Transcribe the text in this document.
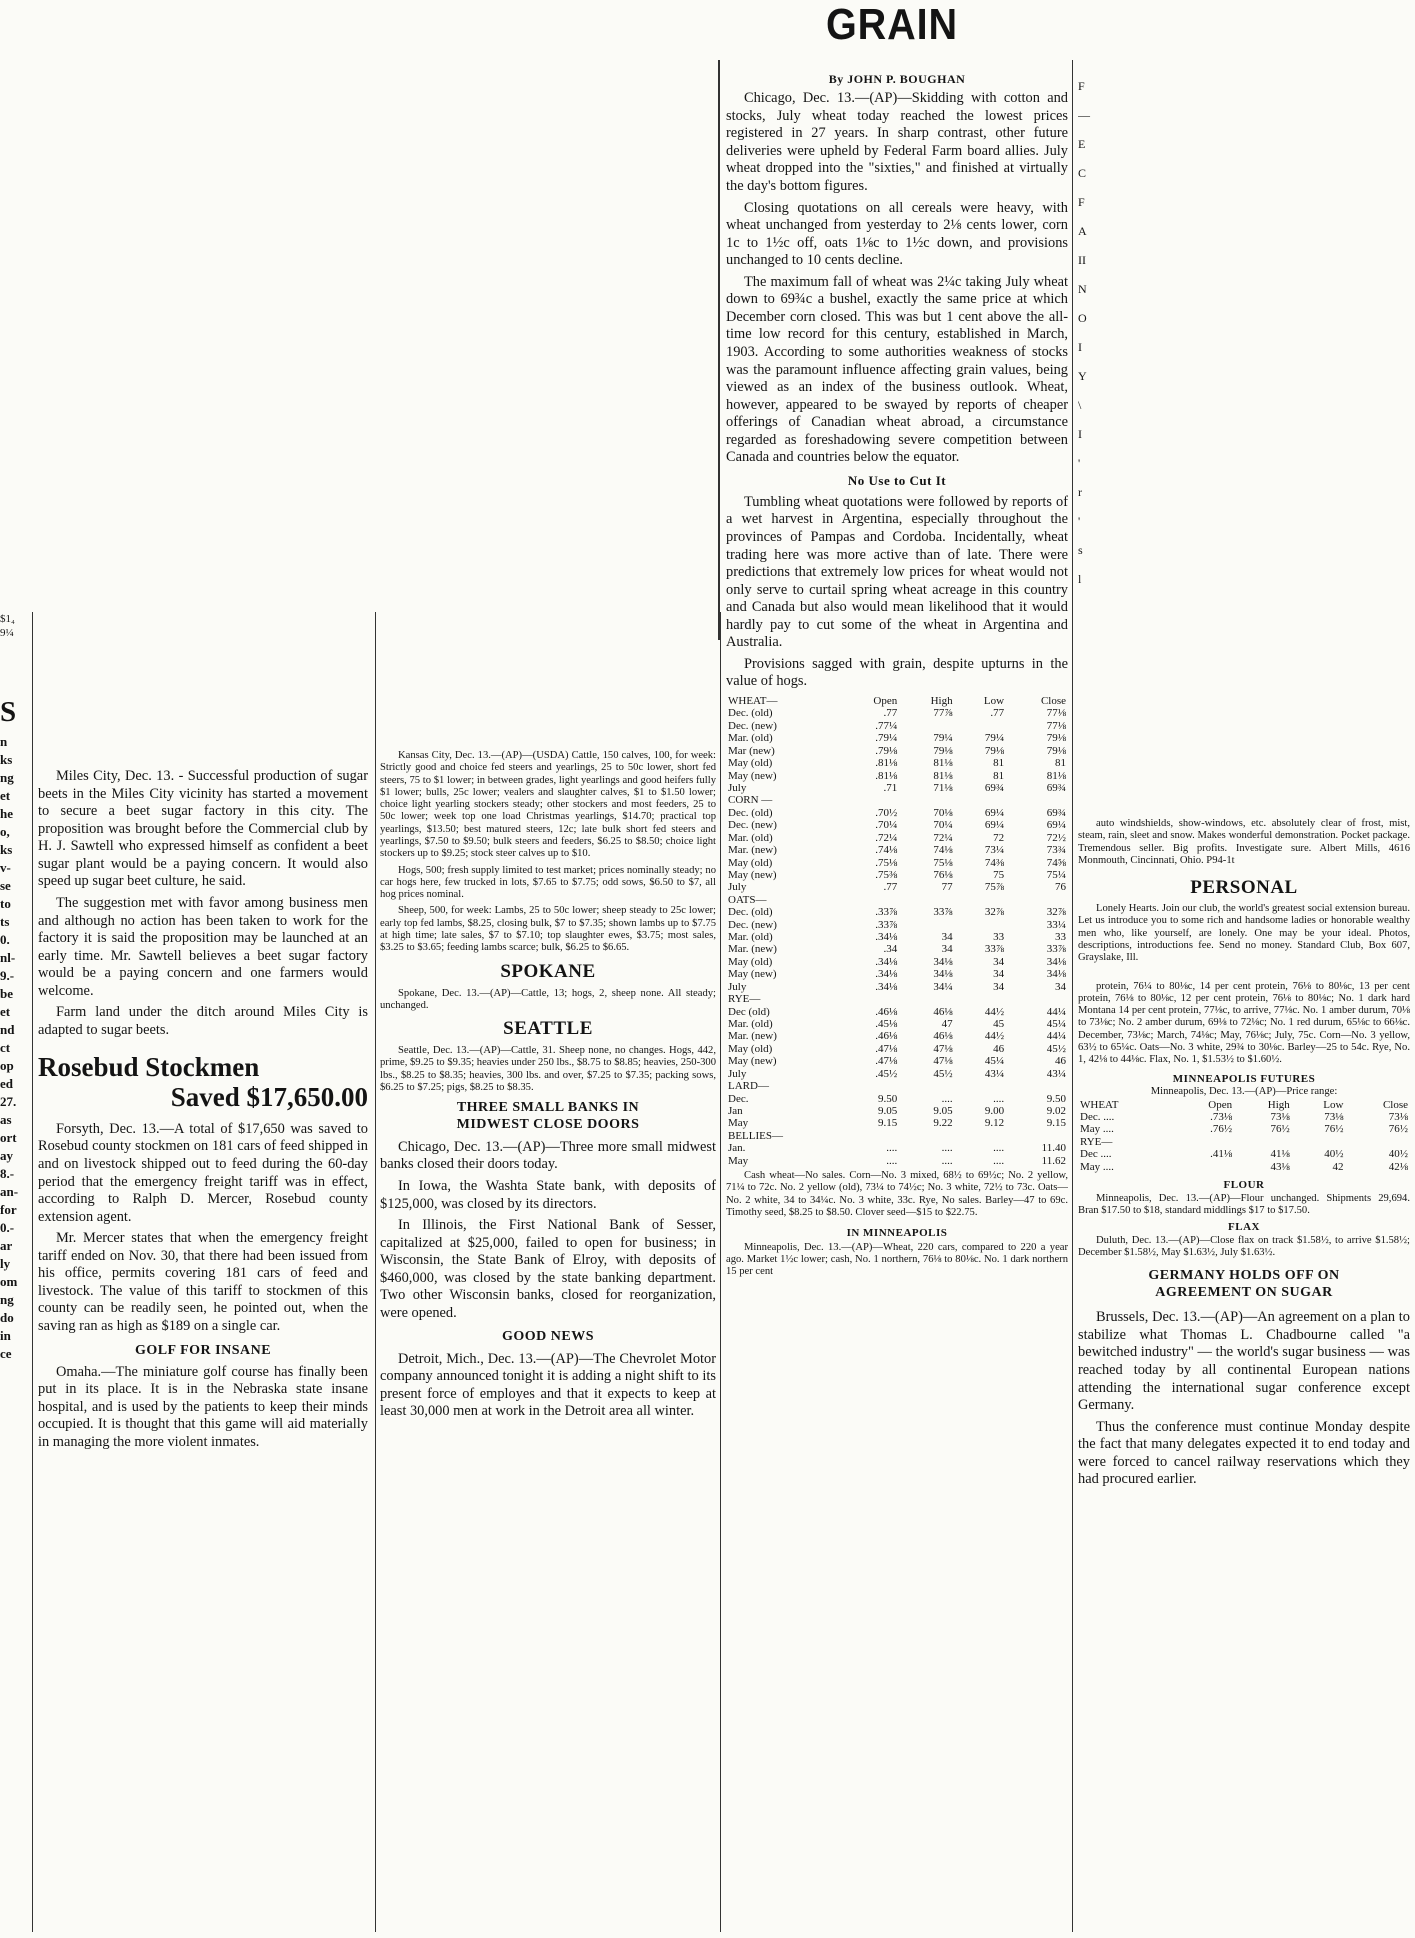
GRAIN
$1₄
9¼
S
n
ks
ng
et
he
o,
ks
v-
se
to
ts
0.
nl-
9.-
be
et
nd
ct
op
ed
27.
as
ort
ay
8.-
an-
for
0.-
ar
ly
om
ng
do
in
ce

Miles City, Dec. 13. - Successful production of sugar beets in the Miles City vicinity has started a movement to secure a beet sugar factory in this city. The proposition was brought before the Commercial club by H. J. Sawtell who expressed himself as confident a beet sugar plant would be a paying concern. It would also speed up sugar beet culture, he said.

The suggestion met with favor among business men and although no action has been taken to work for the factory it is said the proposition may be launched at an early time. Mr. Sawtell believes a beet sugar factory would be a paying concern and one farmers would welcome.

Farm land under the ditch around Miles City is adapted to sugar beets.

Rosebud Stockmen
Saved $17,650.00

Forsyth, Dec. 13.—A total of $17,650 was saved to Rosebud county stockmen on 181 cars of feed shipped in and on livestock shipped out to feed during the 60-day period that the emergency freight tariff was in effect, according to Ralph D. Mercer, Rosebud county extension agent.

Mr. Mercer states that when the emergency freight tariff ended on Nov. 30, that there had been issued from his office, permits covering 181 cars of feed and livestock. The value of this tariff to stockmen of this county can be readily seen, he pointed out, when the saving ran as high as $189 on a single car.

GOLF FOR INSANE

Omaha.—The miniature golf course has finally been put in its place. It is in the Nebraska state insane hospital, and is used by the patients to keep their minds occupied. It is thought that this game will aid materially in managing the more violent inmates.

Kansas City, Dec. 13.—(AP)—(USDA) Cattle, 150 calves, 100, for week: Strictly good and choice fed steers and yearlings, 25 to 50c lower, short fed steers, 75 to $1 lower; in between grades, light yearlings and good heifers fully $1 lower; bulls, 25c lower; vealers and slaughter calves, $1 to $1.50 lower; choice light yearling stockers steady; other stockers and most feeders, 25 to 50c lower; week top one load Christmas yearlings, $14.70; practical top yearlings, $13.50; best matured steers, 12c; late bulk short fed steers and yearlings, $7.50 to $9.50; bulk steers and feeders, $6.25 to $8.50; choice light stockers up to $9.25; stock steer calves up to $10.

Hogs, 500; fresh supply limited to test market; prices nominally steady; no car hogs here, few trucked in lots, $7.65 to $7.75; odd sows, $6.50 to $7, all hog prices nominal.

Sheep, 500, for week: Lambs, 25 to 50c lower; sheep steady to 25c lower; early top fed lambs, $8.25, closing bulk, $7 to $7.35; shown lambs up to $7.75 at high time; late sales, $7 to $7.10; top slaughter ewes, $3.75; most sales, $3.25 to $3.65; feeding lambs scarce; bulk, $6.25 to $6.65.

SPOKANE

Spokane, Dec. 13.—(AP)—Cattle, 13; hogs, 2, sheep none. All steady; unchanged.

SEATTLE

Seattle, Dec. 13.—(AP)—Cattle, 31. Sheep none, no changes. Hogs, 442, prime, $9.25 to $9.35; heavies under 250 lbs., $8.75 to $8.85; heavies, 250-300 lbs., $8.25 to $8.35; heavies, 300 lbs. and over, $7.25 to $7.35; packing sows, $6.25 to $7.25; pigs, $8.25 to $8.35.

THREE SMALL BANKS IN
MIDWEST CLOSE DOORS

Chicago, Dec. 13.—(AP)—Three more small midwest banks closed their doors today.

In Iowa, the Washta State bank, with deposits of $125,000, was closed by its directors.

In Illinois, the First National Bank of Sesser, capitalized at $25,000, failed to open for business; in Wisconsin, the State Bank of Elroy, with deposits of $460,000, was closed by the state banking department. Two other Wisconsin banks, closed for reorganization, were opened.

GOOD NEWS

Detroit, Mich., Dec. 13.—(AP)—The Chevrolet Motor company announced tonight it is adding a night shift to its present force of employes and that it expects to keep at least 30,000 men at work in the Detroit area all winter.

By JOHN P. BOUGHAN

Chicago, Dec. 13.—(AP)—Skidding with cotton and stocks, July wheat today reached the lowest prices registered in 27 years. In sharp contrast, other future deliveries were upheld by Federal Farm board allies. July wheat dropped into the "sixties," and finished at virtually the day's bottom figures.

Closing quotations on all cereals were heavy, with wheat unchanged from yesterday to 2⅛ cents lower, corn 1c to 1½c off, oats 1⅛c to 1½c down, and provisions unchanged to 10 cents decline.

The maximum fall of wheat was 2¼c taking July wheat down to 69¾c a bushel, exactly the same price at which December corn closed. This was but 1 cent above the all-time low record for this century, established in March, 1903. According to some authorities weakness of stocks was the paramount influence affecting grain values, being viewed as an index of the business outlook. Wheat, however, appeared to be swayed by reports of cheaper offerings of Canadian wheat abroad, a circumstance regarded as foreshadowing severe competition between Canada and countries below the equator.

No Use to Cut It

Tumbling wheat quotations were followed by reports of a wet harvest in Argentina, especially throughout the provinces of Pampas and Cordoba. Incidentally, wheat trading here was more active than of late. There were predictions that extremely low prices for wheat would not only serve to curtail spring wheat acreage in this country and Canada but also would mean likelihood that it would hardly pay to cut some of the wheat in Argentina and Australia.

Provisions sagged with grain, despite upturns in the value of hogs.

WHEAT—	Open	High	Low	Close
Dec. (old)	.77	77⅞	.77	77⅛
Dec. (new)	.77¼			77⅛
Mar. (old)	.79¼	79¼	79¼	79⅛
Mar (new)	.79⅛	79⅛	79⅛	79⅛
May (old)	.81⅛	81⅛	81	81
May (new)	.81⅛	81⅛	81	81⅛
July	.71	71⅛	69¾	69¾
CORN —				
Dec. (old)	.70½	70⅛	69¼	69¾
Dec. (new)	.70¼	70¼	69¼	69¼
Mar. (old)	.72¼	72¼	72	72½
Mar. (new)	.74⅛	74⅛	73¼	73¾
May (old)	.75⅛	75⅛	74⅜	74⅝
May (new)	.75⅜	76⅛	75	75¼
July	.77	77	75⅞	76
OATS—				
Dec. (old)	.33⅞	33⅞	32⅞	32⅞
Dec. (new)	.33⅞			33¼
Mar. (old)	.34⅛	34	33	33
Mar. (new)	.34	34	33⅞	33⅞
May (old)	.34⅛	34⅛	34	34⅛
May (new)	.34⅛	34⅛	34	34⅛
July	.34⅛	34¼	34	34
RYE—				
Dec (old)	.46⅛	46⅛	44½	44¼
Mar. (old)	.45⅛	47	45	45¼
Mar. (new)	.46⅛	46⅛	44½	44¼
May (old)	.47⅛	47⅛	46	45½
May (new)	.47⅛	47⅛	45¼	46
July	.45½	45½	43¼	43¼
LARD—				
Dec.	9.50	....	....	9.50
Jan	9.05	9.05	9.00	9.02
May	9.15	9.22	9.12	9.15
BELLIES—				
Jan.	....	....	....	11.40
May	....	....	....	11.62

Cash wheat—No sales. Corn—No. 3 mixed, 68½ to 69½c; No. 2 yellow, 71¼ to 72c. No. 2 yellow (old), 73¼ to 74½c; No. 3 white, 72½ to 73c. Oats—No. 2 white, 34 to 34¼c. No. 3 white, 33c. Rye, No sales. Barley—47 to 69c. Timothy seed, $8.25 to $8.50. Clover seed—$15 to $22.75.

IN MINNEAPOLIS

Minneapolis, Dec. 13.—(AP)—Wheat, 220 cars, compared to 220 a year ago. Market 1½c lower; cash, No. 1 northern, 76⅛ to 80⅛c. No. 1 dark northern 15 per cent

auto windshields, show-windows, etc. absolutely clear of frost, mist, steam, rain, sleet and snow. Makes wonderful demonstration. Pocket package. Tremendous seller. Big profits. Investigate sure. Albert Mills, 4616 Monmouth, Cincinnati, Ohio. P94-1t

PERSONAL

Lonely Hearts. Join our club, the world's greatest social extension bureau. Let us introduce you to some rich and handsome ladies or honorable wealthy men who, like yourself, are lonely. One may be your ideal. Photos, descriptions, introductions fee. Send no money. Standard Club, Box 607, Grayslake, Ill.

protein, 76¼ to 80⅛c, 14 per cent protein, 76⅛ to 80⅛c, 13 per cent protein, 76⅛ to 80⅛c, 12 per cent protein, 76⅛ to 80⅛c; No. 1 dark hard Montana 14 per cent protein, 77⅛c, to arrive, 77⅛c. No. 1 amber durum, 70⅛ to 73⅛c; No. 2 amber durum, 69⅛ to 72⅛c; No. 1 red durum, 65⅛c to 66⅛c. December, 73⅛c; March, 74⅛c; May, 76⅛c; July, 75c. Corn—No. 3 yellow, 63½ to 65¼c. Oats—No. 3 white, 29¾ to 30⅛c. Barley—25 to 54c. Rye, No. 1, 42⅛ to 44⅛c. Flax, No. 1, $1.53½ to $1.60½.

MINNEAPOLIS FUTURES
Minneapolis, Dec. 13.—(AP)—Price range:
WHEAT	Open	High	Low	Close
Dec. ....	.73⅛	73⅛	73⅛	73⅛
May ....	.76½	76½	76½	76½
RYE—				
Dec ....	.41⅛	41⅛	40½	40½
May ....		43⅛	42	42⅛
FLOUR

Minneapolis, Dec. 13.—(AP)—Flour unchanged. Shipments 29,694. Bran $17.50 to $18, standard middlings $17 to $17.50.

FLAX

Duluth, Dec. 13.—(AP)—Close flax on track $1.58½, to arrive $1.58½; December $1.58½, May $1.63½, July $1.63½.

GERMANY HOLDS OFF ON
AGREEMENT ON SUGAR

Brussels, Dec. 13.—(AP)—An agreement on a plan to stabilize what Thomas L. Chadbourne called "a bewitched industry" — the world's sugar business — was reached today by all continental European nations attending the international sugar conference except Germany.

Thus the conference must continue Monday despite the fact that many delegates expected it to end today and were forced to cancel railway reservations which they had procured earlier.

F
—
E
C
F
A
II
N
O
I
Y
\
I
'
r
'
s
l
